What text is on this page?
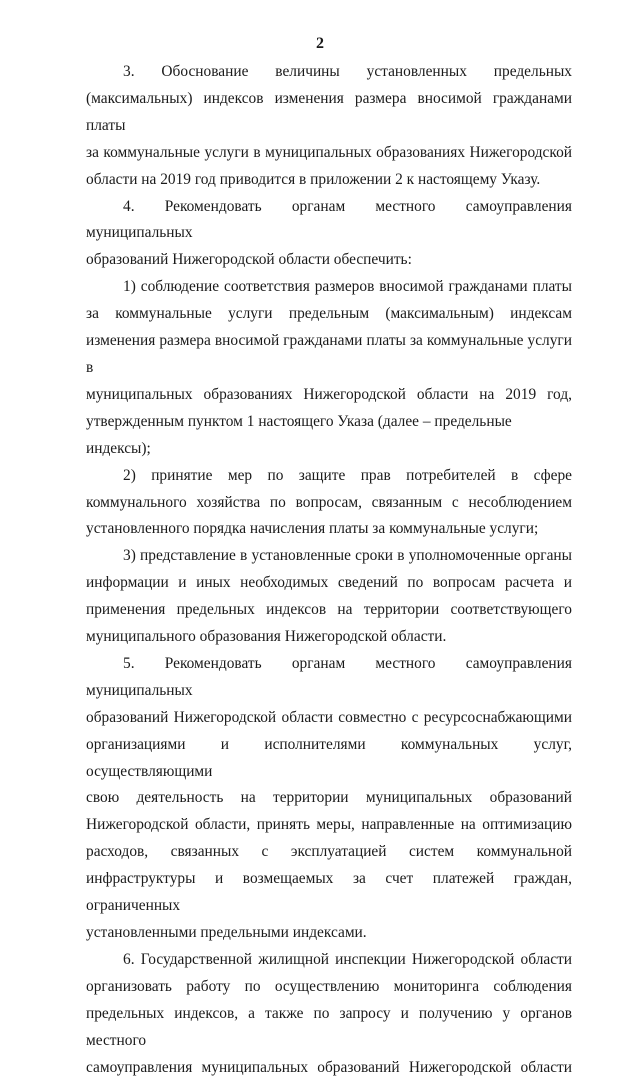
2
3. Обоснование величины установленных предельных
(максимальных) индексов изменения размера вносимой гражданами платы
за коммунальные услуги в муниципальных образованиях Нижегородской
области на 2019 год приводится в приложении 2 к настоящему Указу.
4. Рекомендовать органам местного самоуправления муниципальных
образований Нижегородской области обеспечить:
1) соблюдение соответствия размеров вносимой гражданами платы
за коммунальные услуги предельным (максимальным) индексам
изменения размера вносимой гражданами платы за коммунальные услуги в
муниципальных образованиях Нижегородской области на 2019 год,
утвержденным пунктом 1 настоящего Указа (далее – предельные индексы);
2) принятие мер по защите прав потребителей в сфере
коммунального хозяйства по вопросам, связанным с несоблюдением
установленного порядка начисления платы за коммунальные услуги;
3) представление в установленные сроки в уполномоченные органы
информации и иных необходимых сведений по вопросам расчета и
применения предельных индексов на территории соответствующего
муниципального образования Нижегородской области.
5. Рекомендовать органам местного самоуправления муниципальных
образований Нижегородской области совместно с ресурсоснабжающими
организациями и исполнителями коммунальных услуг, осуществляющими
свою деятельность на территории муниципальных образований
Нижегородской области, принять меры, направленные на оптимизацию
расходов, связанных с эксплуатацией систем коммунальной
инфраструктуры и возмещаемых за счет платежей граждан, ограниченных
установленными предельными индексами.
6. Государственной жилищной инспекции Нижегородской области
организовать работу по осуществлению мониторинга соблюдения
предельных индексов, а также по запросу и получению у органов местного
самоуправления муниципальных образований Нижегородской области
